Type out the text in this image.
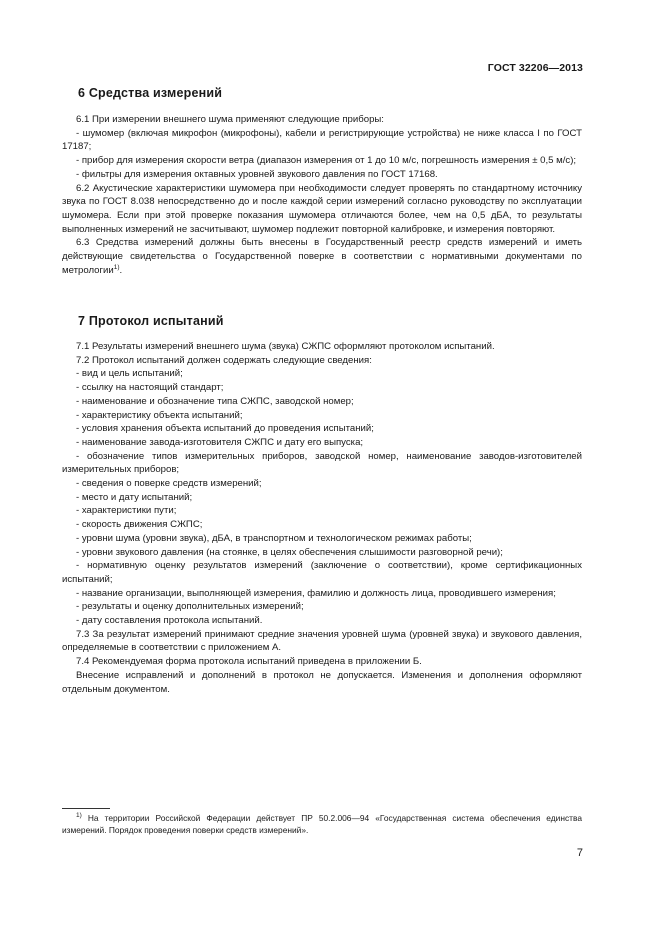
ГОСТ 32206—2013
6 Средства измерений

6.1 При измерении внешнего шума применяют следующие приборы:

- шумомер (включая микрофон (микрофоны), кабели и регистрирующие устройства) не ниже класса I по ГОСТ 17187;

- прибор для измерения скорости ветра (диапазон измерения от 1 до 10 м/с, погрешность измерения ± 0,5 м/с);

- фильтры для измерения октавных уровней звукового давления по ГОСТ 17168.

6.2 Акустические характеристики шумомера при необходимости следует проверять по стандартному источнику звука по ГОСТ 8.038 непосредственно до и после каждой серии измерений согласно руководству по эксплуатации шумомера. Если при этой проверке показания шумомера отличаются более, чем на 0,5 дБА, то результаты выполненных измерений не засчитывают, шумомер подлежит повторной калибровке, и измерения повторяют.

6.3 Средства измерений должны быть внесены в Государственный реестр средств измерений и иметь действующие свидетельства о Государственной поверке в соответствии с нормативными документами по метрологии$^{1)}$.

7 Протокол испытаний

7.1 Результаты измерений внешнего шума (звука) СЖПС оформляют протоколом испытаний.

7.2 Протокол испытаний должен содержать следующие сведения:

- вид и цель испытаний;

- ссылку на настоящий стандарт;

- наименование и обозначение типа СЖПС, заводской номер;

- характеристику объекта испытаний;

- условия хранения объекта испытаний до проведения испытаний;

- наименование завода-изготовителя СЖПС и дату его выпуска;

- обозначение типов измерительных приборов, заводской номер, наименование заводов-изготовителей измерительных приборов;

- сведения о поверке средств измерений;

- место и дату испытаний;

- характеристики пути;

- скорость движения СЖПС;

- уровни шума (уровни звука), дБА, в транспортном и технологическом режимах работы;

- уровни звукового давления (на стоянке, в целях обеспечения слышимости разговорной речи);

- нормативную оценку результатов измерений (заключение о соответствии), кроме сертификационных испытаний;

- название организации, выполняющей измерения, фамилию и должность лица, проводившего измерения;

- результаты и оценку дополнительных измерений;

- дату составления протокола испытаний.

7.3 За результат измерений принимают средние значения уровней шума (уровней звука) и звукового давления, определяемые в соответствии с приложением А.

7.4 Рекомендуемая форма протокола испытаний приведена в приложении Б.

Внесение исправлений и дополнений в протокол не допускается. Изменения и дополнения оформляют отдельным документом.

$^{1)}$ На территории Российской Федерации действует ПР 50.2.006—94 «Государственная система обеспечения единства измерений. Порядок проведения поверки средств измерений».

7
